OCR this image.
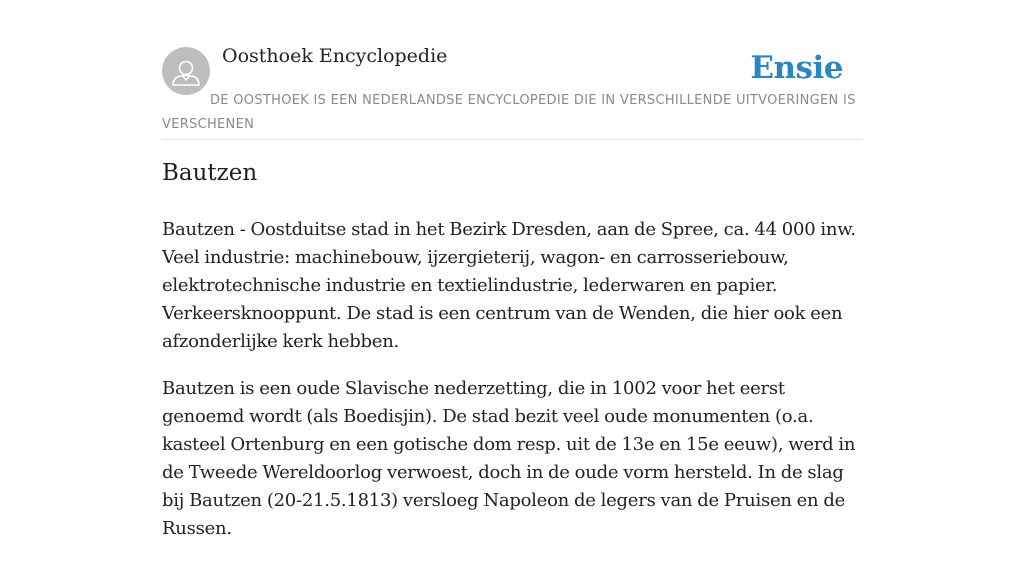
Oosthoek Encyclopedie	Ensie

DE OOSTHOEK IS EEN NEDERLANDSE ENCYCLOPEDIE DIE IN VERSCHILLENDE UITVOERINGEN IS VERSCHENEN

Bautzen

Bautzen - Oostduitse stad in het Bezirk Dresden, aan de Spree, ca. 44 000 inw. Veel industrie: machinebouw, ijzergieterij, wagon- en carrosseriebouw, elektrotechnische industrie en textielindustrie, lederwaren en papier. Verkeersknooppunt. De stad is een centrum van de Wenden, die hier ook een afzonderlijke kerk hebben.

Bautzen is een oude Slavische nederzetting, die in 1002 voor het eerst genoemd wordt (als Boedisjin). De stad bezit veel oude monumenten (o.a. kasteel Ortenburg en een gotische dom resp. uit de 13e en 15e eeuw), werd in de Tweede Wereldoorlog verwoest, doch in de oude vorm hersteld. In de slag bij Bautzen (20-21.5.1813) versloeg Napoleon de legers van de Pruisen en de Russen.
